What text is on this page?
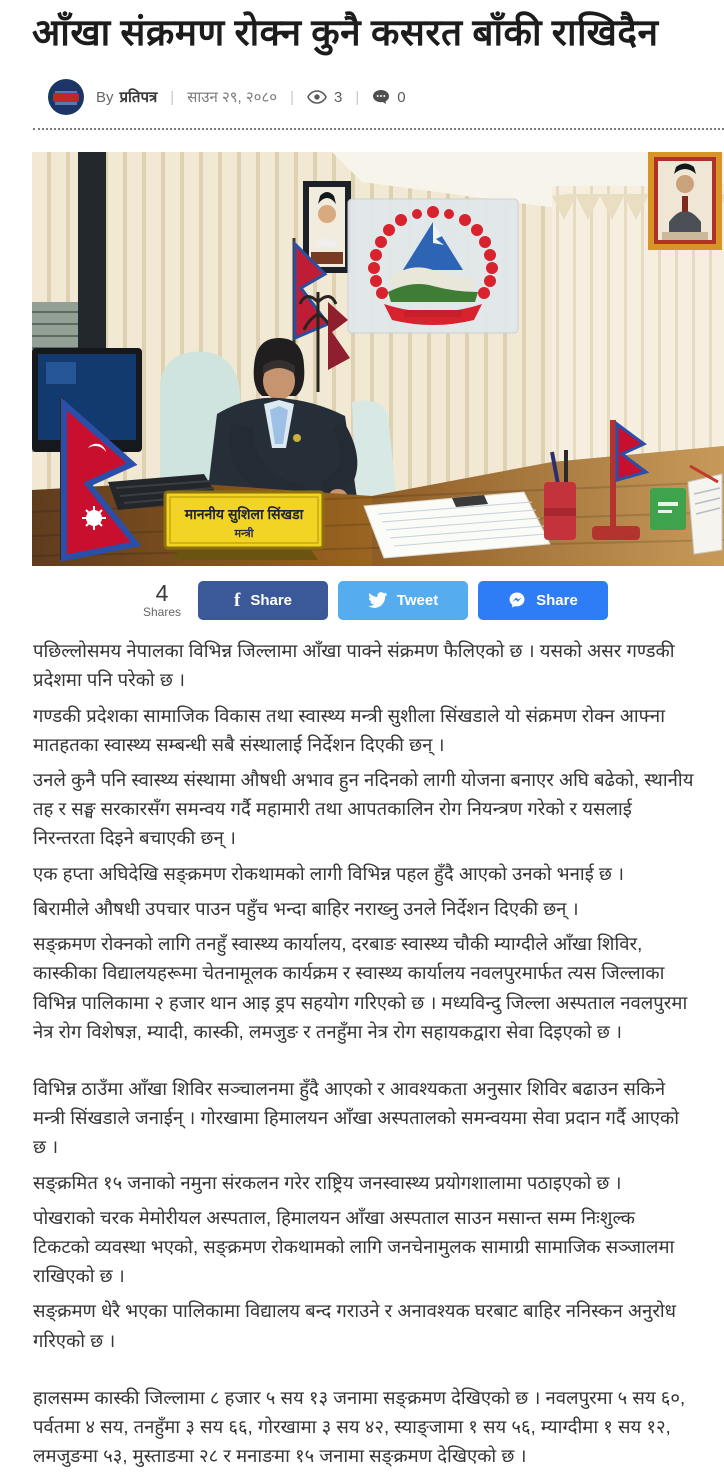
आँखा संक्रमण रोक्न कुनै कसरत बाँकी राखिदैन
By प्रतिपत्र | साउन २९, २०८० |	3 |	0
माननीय सुशिला सिंखडा
मन्त्री
4
Shares
f Share	Tweet	Share

पछिल्लोसमय नेपालका विभिन्न जिल्लामा आँखा पाक्ने संक्रमण फैलिएको छ । यसको असर गण्डकी प्रदेशमा पनि परेको छ ।

गण्डकी प्रदेशका सामाजिक विकास तथा स्वास्थ्य मन्त्री सुशीला सिंखडाले यो संक्रमण रोक्न आफ्ना मातहतका स्वास्थ्य सम्बन्धी सबै संस्थालाई निर्देशन दिएकी छन् ।

उनले कुनै पनि स्वास्थ्य संस्थामा औषधी अभाव हुन नदिनको लागी योजना बनाएर अघि बढेको, स्थानीय तह र सङ्घ सरकारसँग समन्वय गर्दै महामारी तथा आपतकालिन रोग नियन्त्रण गरेको र यसलाई निरन्तरता दिइने बचाएकी छन् ।

एक हप्ता अघिदेखि सङ्क्रमण रोकथामको लागी विभिन्न पहल हुँदै आएको उनको भनाई छ ।

बिरामीले औषधी उपचार पाउन पहुँच भन्दा बाहिर नराख्नु उनले निर्देशन दिएकी छन् ।

सङ्क्रमण रोक्नको लागि तनहुँ स्वास्थ्य कार्यालय, दरबाङ स्वास्थ्य चौकी म्याग्दीले आँखा शिविर, कास्कीका विद्यालयहरूमा चेतनामूलक कार्यक्रम र स्वास्थ्य कार्यालय नवलपुरमार्फत त्यस जिल्लाका विभिन्न पालिकामा २ हजार थान आइ ड्रप सहयोग गरिएको छ । मध्यविन्दु जिल्ला अस्पताल नवलपुरमा नेत्र रोग विशेषज्ञ, म्यादी, कास्की, लमजुङ र तनहुँमा नेत्र रोग सहायकद्वारा सेवा दिइएको छ ।

विभिन्न ठाउँमा आँखा शिविर सञ्चालनमा हुँदै आएको र आवश्यकता अनुसार शिविर बढाउन सकिने मन्त्री सिंखडाले जनाईन् । गोरखामा हिमालयन आँखा अस्पतालको समन्वयमा सेवा प्रदान गर्दै आएको छ ।

सङ्क्रमित १५ जनाको नमुना संरकलन गरेर राष्ट्रिय जनस्वास्थ्य प्रयोगशालामा पठाइएको छ ।

पोखराको चरक मेमोरीयल अस्पताल, हिमालयन आँखा अस्पताल साउन मसान्त सम्म निःशुल्क टिकटको व्यवस्था भएको, सङ्क्रमण रोकथामको लागि जनचेनामुलक सामाग्री सामाजिक सञ्जालमा राखिएको छ ।

सङ्क्रमण धेरै भएका पालिकामा विद्यालय बन्द गराउने र अनावश्यक घरबाट बाहिर ननिस्कन अनुरोध गरिएको छ ।

हालसम्म कास्की जिल्लामा ८ हजार ५ सय १३ जनामा सङ्क्रमण देखिएको छ । नवलपुरमा ५ सय ६०, पर्वतमा ४ सय, तनहुँमा ३ सय ६६, गोरखामा ३ सय ४२, स्याङ्जामा १ सय ५६, म्याग्दीमा १ सय १२, लमजुङमा ५३, मुस्ताङमा २८ र मनाङमा १५ जनामा सङ्क्रमण देखिएको छ ।
